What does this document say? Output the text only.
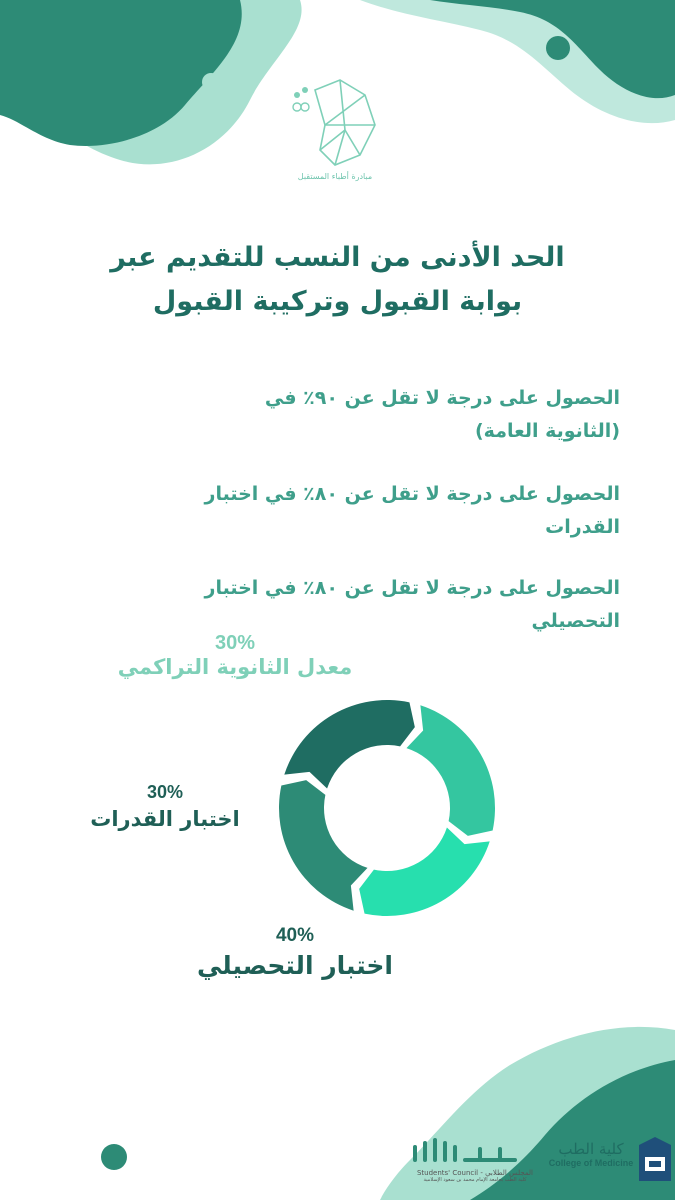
مبادرة أطباء المستقبل
الحد الأدنى من النسب للتقديم عبر
بوابة القبول وتركيبة القبول
الحصول على درجة لا تقل عن ٩٠٪ في
(الثانوية العامة)
الحصول على درجة لا تقل عن ٨٠٪ في اختبار
القدرات
الحصول على درجة لا تقل عن ٨٠٪ في اختبار
التحصيلي
30%
معدل الثانوية التراكمي
30%
اختبار القدرات
40%
اختبار التحصيلي
المجلس الطلابي - Students' Council
كلية الطب بجامعة الإمام محمد بن سعود الإسلامية
كلية الطب
College of Medicine
